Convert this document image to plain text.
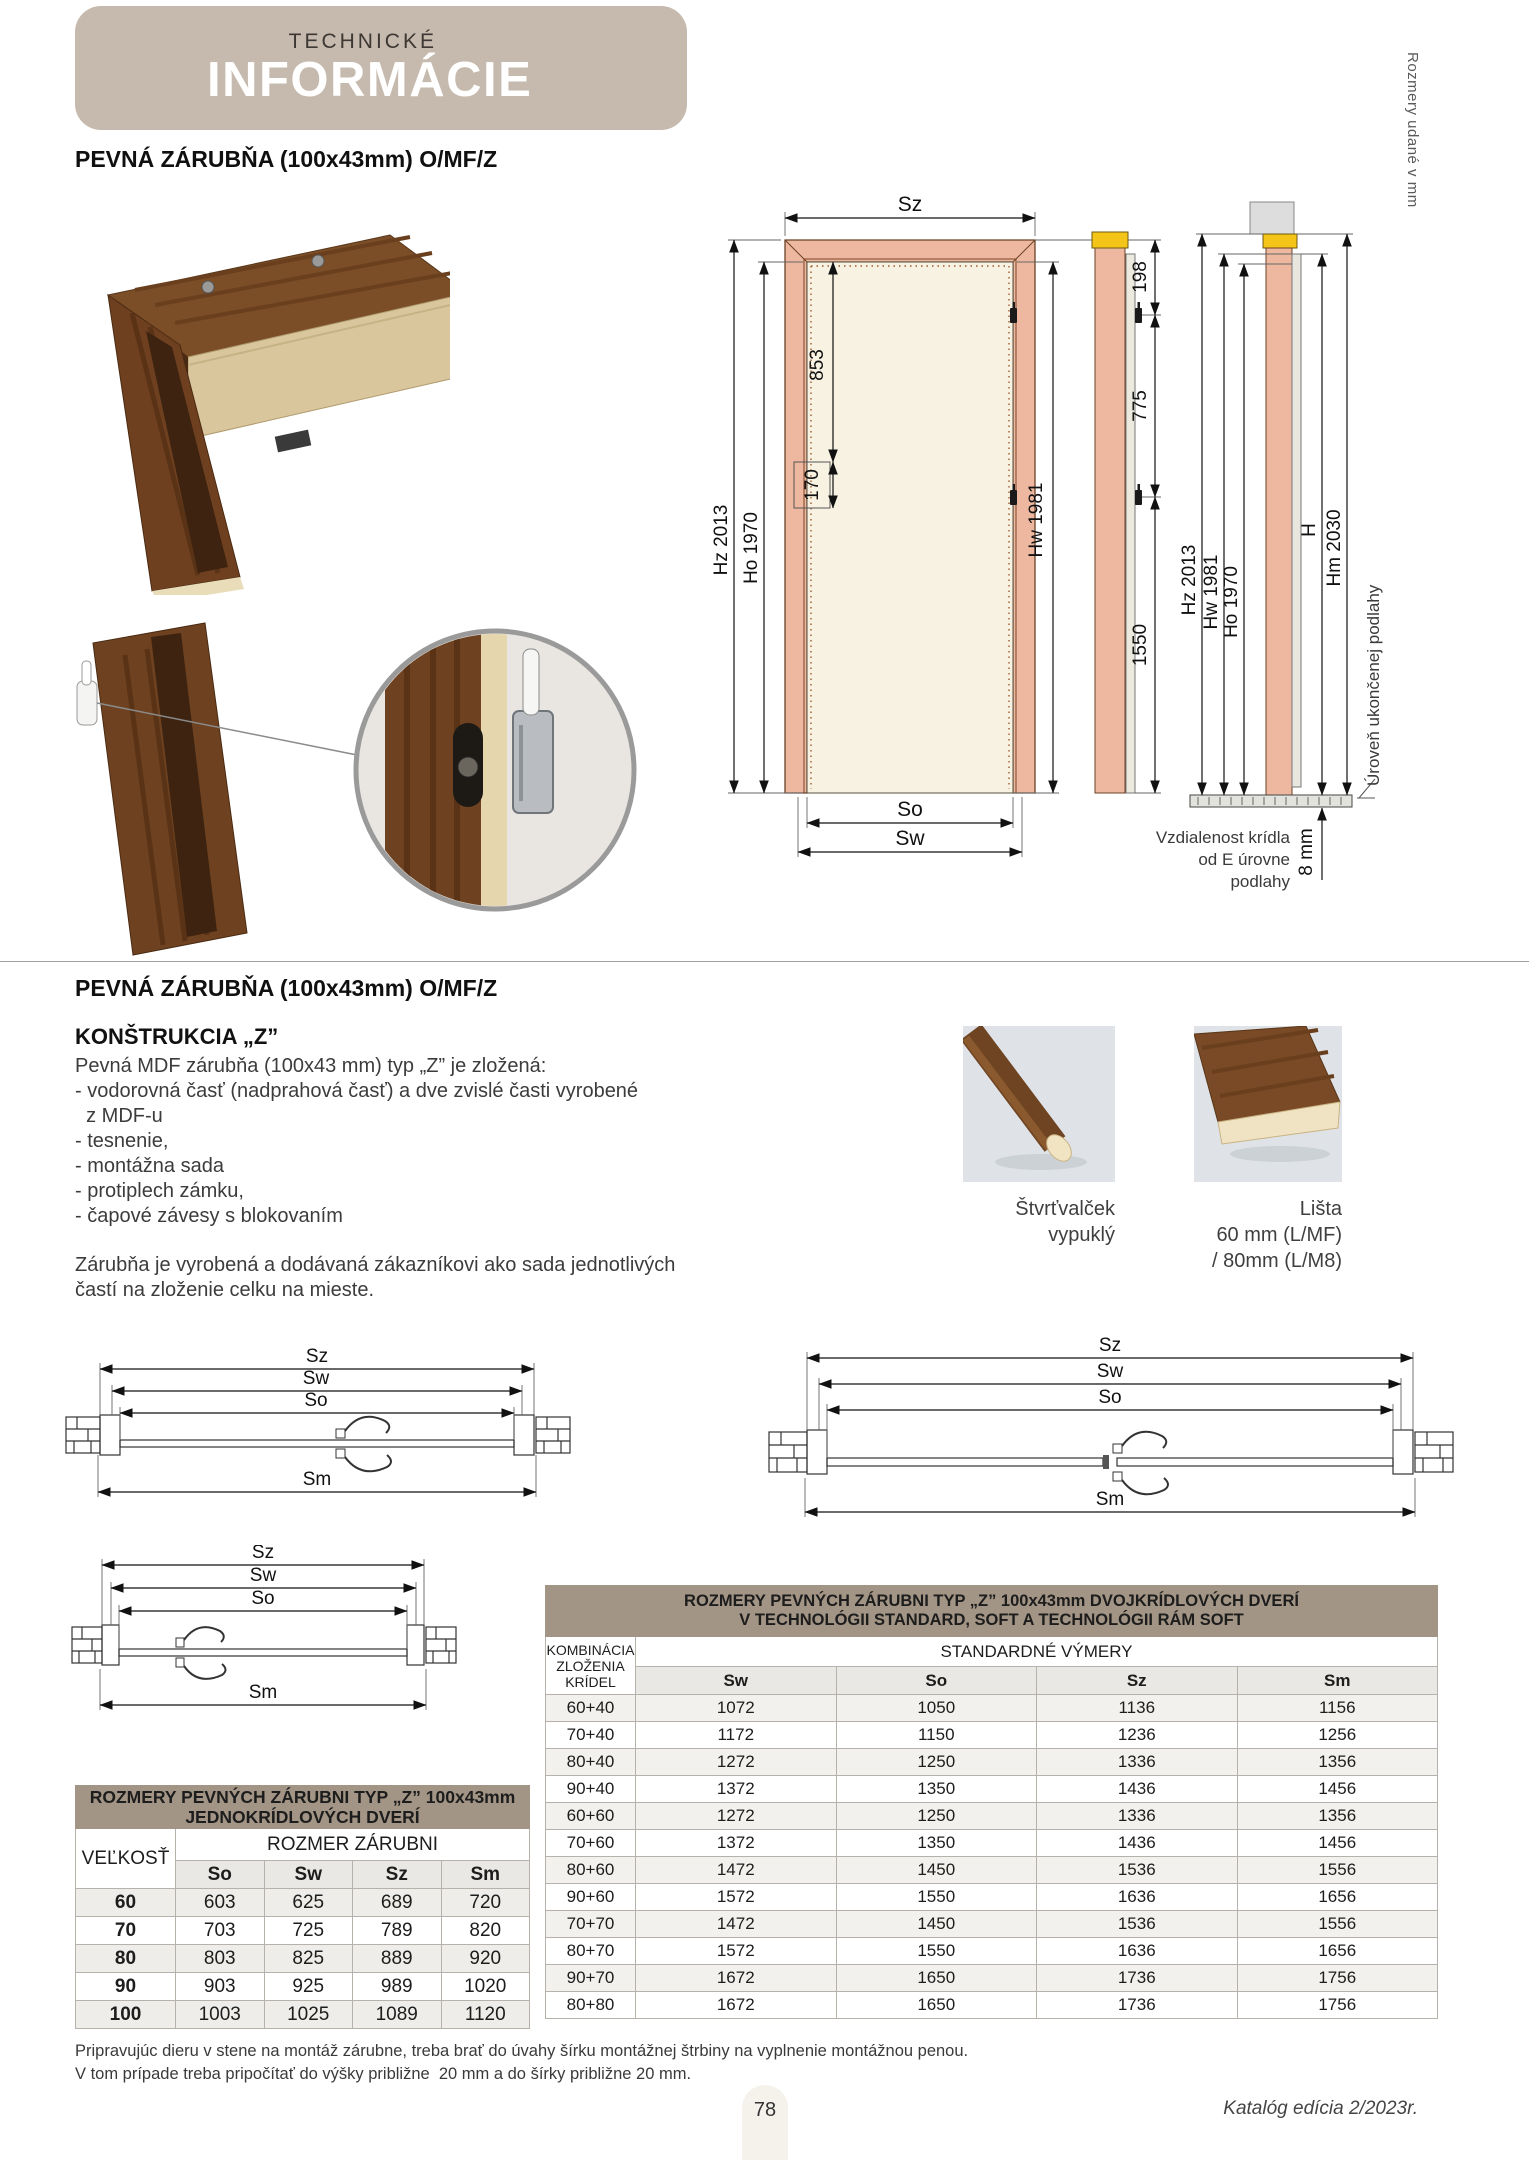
TECHNICKÉ
INFORMÁCIE	Rozmery udané v mm
PEVNÁ ZÁRUBŇA (100x43mm) O/MF/Z
Sz
Hz 2013 Ho 1970
853
170	Hw 1981
So
Sw
198
775
1550
Hz 2013 Hw 1981 Ho 1970
H Hm 2030
8 mm
Vzdialenost krídla
od E úrovne
podlahy
Úroveň ukončenej podlahy
PEVNÁ ZÁRUBŇA (100x43mm) O/MF/Z
KONŠTRUKCIA „Z”
Pevná MDF zárubňa (100x43 mm) typ „Z” je zložená:
- vodorovná časť (nadprahová časť) a dve zvislé časti vyrobené
z MDF-u
- tesnenie,
- montážna sada
- protiplech zámku,
- čapové závesy s blokovaním
Zárubňa je vyrobená a dodávaná zákazníkovi ako sada jednotlivých častí na zloženie celku na mieste.
Štvrťvalček
vypuklý
Lišta
60 mm (L/MF)
/ 80mm (L/M8)
Sz
Sw
So
Sm
Sz
Sw
So
Sm
Sz
Sw
So
Sm
ROZMERY PEVNÝCH ZÁRUBNI TYP „Z” 100x43mm
JEDNOKRÍDLOVÝCH DVERÍ				
VEĽKOSŤ	ROZMER ZÁRUBNI			
	So	Sw	Sz	Sm
60	603	625	689	720
70	703	725	789	820
80	803	825	889	920
90	903	925	989	1020
100	1003	1025	1089	1120
ROZMERY PEVNÝCH ZÁRUBNI TYP „Z” 100x43mm DVOJKRÍDLOVÝCH DVERÍ
V TECHNOLÓGII STANDARD, SOFT A TECHNOLÓGII RÁM SOFT				
KOMBINÁCIA
ZLOŽENIA
KRÍDEL	STANDARDNÉ VÝMERY			
	Sw	So	Sz	Sm
60+40	1072	1050	1136	1156
70+40	1172	1150	1236	1256
80+40	1272	1250	1336	1356
90+40	1372	1350	1436	1456
60+60	1272	1250	1336	1356
70+60	1372	1350	1436	1456
80+60	1472	1450	1536	1556
90+60	1572	1550	1636	1656
70+70	1472	1450	1536	1556
80+70	1572	1550	1636	1656
90+70	1672	1650	1736	1756
80+80	1672	1650	1736	1756
Pripravujúc dieru v stene na montáž zárubne, treba brať do úvahy šírku montážnej štrbiny na vyplnenie montážnou penou.
V tom prípade treba pripočítať do výšky približne  20 mm a do šírky približne 20 mm.
78	Katalóg edícia 2/2023r.
